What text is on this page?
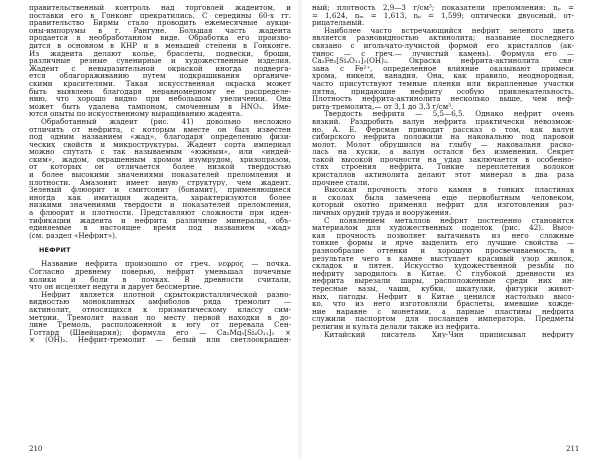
правительственный контроль над торговлей жадеитом, и
поставки его в Гонконг прекратились. С середины 60-х гг.
правительство Бирмы стало проводить ежемесячные аукци-
оны-импорумы в г. Рангуне. Большая часть жадеита
продается в необработанном виде. Обработка его произво-
дится в основном в КНР и в меньшей степени в Гонконге.
Из жадеита делают колье, браслеты, подвески, броши,
различные резные сувенирные и художественные изделия.
Жадеит с невыразительной окраской иногда подверга-
ется облагораживанию путем подкрашивания органиче-
скими красителями. Такая искусственная окраска может
быть выявлена благодаря неравномерному ее распределе-
нию, что хорошо видно при небольшом увеличении. Она
может быть удалена тампоном, смоченным в HNO₃. Име-
ются опыты по искусственному выращиванию жадеита.
Обработанный жадеит (рис. 41) довольно несложно
отличить от нефрита, с которым вместе он был известен
под одним названием «жад», благодаря определению физи-
ческих свойств и микроструктуры. Жадеит сорта империал
можно спутать с так называемым «южным», или «индей-
ским», жадом, окрашенным хромом изумрудом, хризопразом,
от которых он отличается более низкой твердостью
и более высокими значениями показателей преломления и
плотности. Амазонит имеет иную структуру, чем жадеит.
Зеленый флюорит и смитсонит (бонамит), применяющиеся
иногда как имитация жадеита, характеризуются более
низкими значениями твердости и показателей преломления,
а флюорит и плотности. Представляют сложности при иден-
тификации жадеита и нефрита различные минералы, объ-
единяемые в настоящее время под названием «жад»
(см. раздел «Нефрит»).
НЕФРИТ
Название нефрита произошло от греч. νεφρος — почка.
Согласно древнему поверью, нефрит уменьшал почечные
колики и боли в почках. В древности считали,
что он исцеляет недуги и дарует бессмертие.
Нефрит является плотной скрытокристаллической разно-
видностью моноклинных амфиболов ряда тремолит —
актинолит, относящихся к призматическому классу сим-
метрии. Тремолит назван по месту первой находки в до-
лине Тремоль, расположенной к югу от перевала Сен-
Готтард (Швейцария); формула его — Ca₂Mg₅[Si₄O₁₁]₂ ×
× (OH)₂. Нефрит-тремолит — белый или светлоокрашен-
210
ный; плотность 2,9—3 г/см³; показатели преломления: nₚ =
= 1,624, nₘ = 1,613, nₚ = 1,599; оптически двуосный, от-
рицательный.
Наиболее часто встречающийся нефрит зеленого цвета
является разновидностью актинолита; название последнего
связано с игольчато-лучистой формой его кристаллов (ак-
тинос — с греч.— лучистый камень). Формула его —
Ca₂Fe₅[Si₄O₁₁]₂(OH)₂. Окраска нефрита-актинолита свя-
зана с Fe²⁺, определенное влияние оказывают примеси
хрома, никеля, ванадия. Она, как правило, неоднородная,
часто присутствуют темные пленки или вкрапленные участки
пятна, придающие нефриту особую привлекательность.
Плотность нефрита-актинолита несколько выше, чем неф-
рита-тремолита,— от 3,1 до 3,3 г/см³.
Твердость нефрита — 5,5—6,5. Однако нефрит очень
вязкий. Раздробить валун нефрита практически невозмож-
но. А. Е. Ферсман приводит рассказ о том, как валун
сибирского нефрита положили на наковальню под паровой
молот. Молот обрушился на глыбу — наковальня раско-
лась на куски, а валун остался без изменения. Секрет
такой высокой прочности на удар заключается в особенно-
стях строения нефрита. Тонкие переплетения волокон
кристаллов актинолита делают этот минерал в два раза
прочнее стали.
Высокая прочность этого камня в тонких пластинах
и сколах была замечена еще первобытным человеком,
который охотно применял нефрит для изготовления раз-
личных орудий труда и вооружения.
С появлением металлов нефрит постепенно становится
материалом для художественных поделок (рис. 42). Высо-
кая прочность позволяет вытачивать из него сложные
тонкие формы и ярче выделить его лучшие свойства —
разнообразие оттенки и хорошую просвечиваемость, в
результате чего в камне выступает красивый узор жилок,
складок и пятен. Искусство художественной резьбы по
нефриту зародилось в Китае. С глубокой древности из
нефрита вырезали шары, расположенные среди них ин-
тересные вазы, чаши, кубки, шкатулки, фигурки живот-
ных, пагоды. Нефрит в Китае ценился настолько высо-
ко, что из него изготовляли браслеты, имевшие хожде-
ние наравне с монетами, а парные пластины нефрита
служили паспортом для посланцев императора. Предметы
религии и культа делали также из нефрита.
Китайский писатель Хиу-Чин приписывал нефриту
211
